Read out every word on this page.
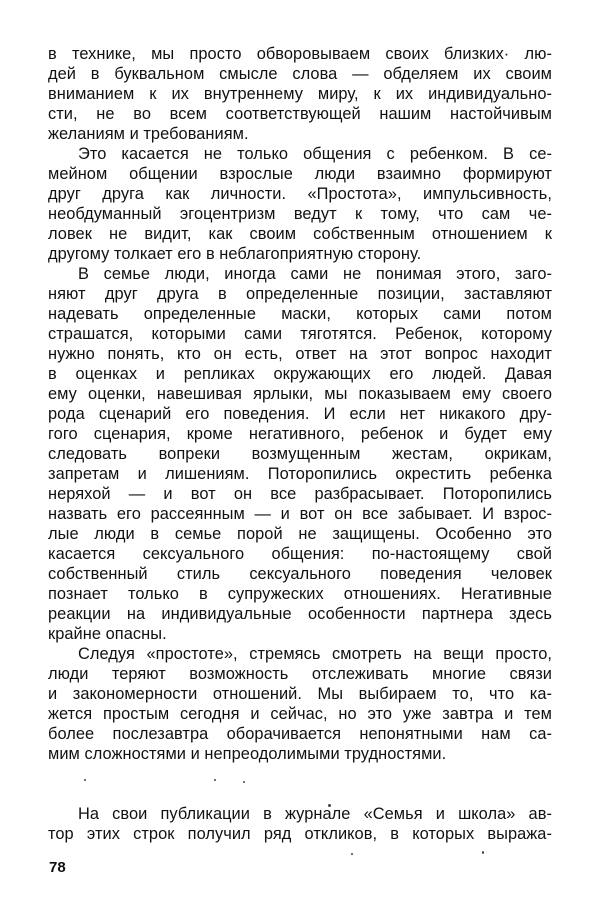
в технике, мы просто обворовываем своих близких· лю-
дей в буквальном смысле слова — обделяем их своим
вниманием к их внутреннему миру, к их индивидуально-
сти, не во всем соответствующей нашим настойчивым
желаниям и требованиям.
Это касается не только общения с ребенком. В се-
мейном общении взрослые люди взаимно формируют
друг друга как личности. «Простота», импульсивность,
необдуманный эгоцентризм ведут к тому, что сам че-
ловек не видит, как своим собственным отношением к
другому толкает его в неблагоприятную сторону.
В семье люди, иногда сами не понимая этого, заго-
няют друг друга в определенные позиции, заставляют
надевать определенные маски, которых сами потом
страшатся, которыми сами тяготятся. Ребенок, которому
нужно понять, кто он есть, ответ на этот вопрос находит
в оценках и репликах окружающих его людей. Давая
ему оценки, навешивая ярлыки, мы показываем ему своего
рода сценарий его поведения. И если нет никакого дру-
гого сценария, кроме негативного, ребенок и будет ему
следовать вопреки возмущенным жестам, окрикам,
запретам и лишениям. Поторопились окрестить ребенка
неряхой — и вот он все разбрасывает. Поторопились
назвать его рассеянным — и вот он все забывает. И взрос-
лые люди в семье порой не защищены. Особенно это
касается сексуального общения: по-настоящему свой
собственный стиль сексуального поведения человек
познает только в супружеских отношениях. Негативные
реакции на индивидуальные особенности партнера здесь
крайне опасны.
Следуя «простоте», стремясь смотреть на вещи просто,
люди теряют возможность отслеживать многие связи
и закономерности отношений. Мы выбираем то, что ка-
жется простым сегодня и сейчас, но это уже завтра и тем
более послезавтра оборачивается непонятными нам са-
мим сложностями и непреодолимыми трудностями.
На свои публикации в журнале «Семья и школа» ав-
тор этих строк получил ряд откликов, в которых выража-
78
